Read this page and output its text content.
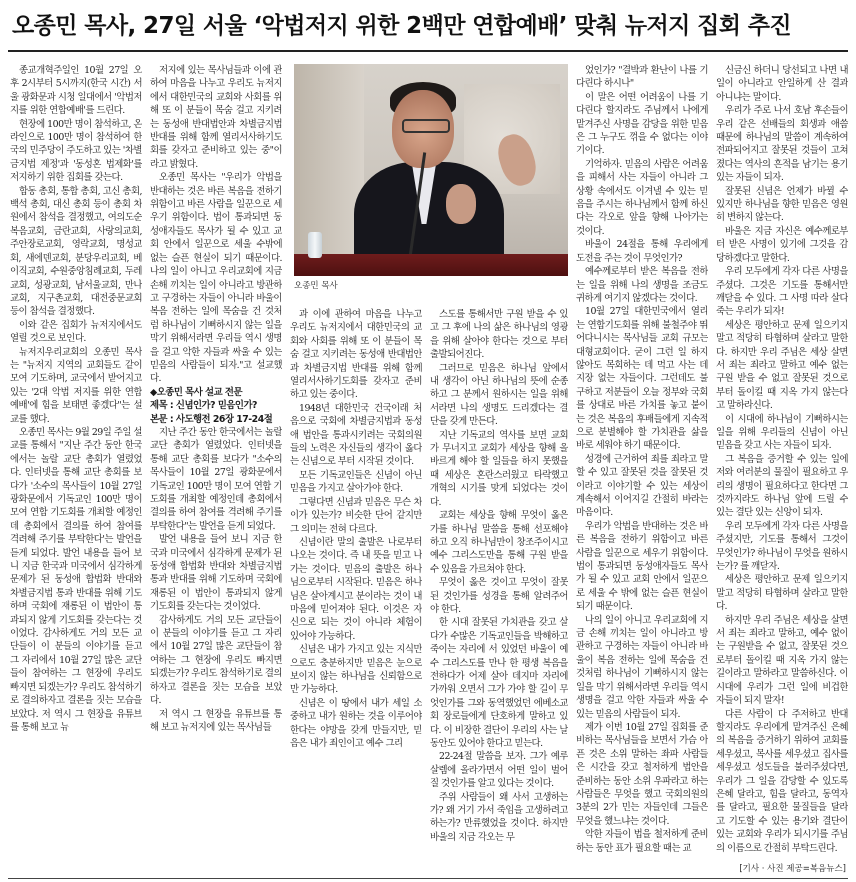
오종민 목사, 27일 서울 ‘악법저지 위한 2백만 연합예배’ 맞춰 뉴저지 집회 추진

종교개혁주일인 10월 27일 오후 2시부터 5시까지(한국 시간) 서울 광화문과 시청 일대에서 '악법저지를 위한 연합예배'를 드린다.

현장에 100만 명이 참석하고, 온라인으로 100만 명이 참석하여 한국의 민주당이 주도하고 있는 '차별금지법 제정'과 '동성혼 법제화'를 저지하기 위한 집회를 갖는다.

합동 총회, 통합 총회, 고신 총회, 백석 총회, 대신 총회 등이 총회 차원에서 참석을 결정했고, 여의도순복음교회, 금란교회, 사랑의교회, 주안장로교회, 영락교회, 명성교회, 새에덴교회, 분당우리교회, 베이직교회, 수원중앙침례교회, 두레교회, 성광교회, 남서울교회, 만나교회, 지구촌교회, 대전중문교회 등이 참석을 결정했다.

이와 같은 집회가 뉴저지에서도 열릴 것으로 보인다.

뉴저지우리교회의 오종민 목사는 "뉴저지 지역의 교회들도 같이 모여 기도하며, 교국에서 받어지고 있는 '2대 악법 저지를 위한 연합 예배'에 힘을 보태면 좋겠다"는 설교를 했다.

오종민 목사는 9월 29일 주일 설교를 통해서 "지난 주간 동안 한국에서는 놀랄 교단 총회가 열렸었다. 인터넷을 통해 교단 총회를 보다가 '소수의 목사들이 10월 27일 광화문에서 기독교인 100만 명이 모여 연합 기도회를 개최할 예정인데 총회에서 결의를 하여 참여를 격려해 주기를 부탁한다'는 발언을 듣게 되었다. 발언 내용을 들어 보니 지금 한국과 미국에서 심각하게 문제가 된 동성애 합법화 반대와 차별금지법 통과 반대를 위해 기도하며 국회에 재롱된 이 법안이 통과되지 않게 기도회를 갖는다는 것이었다. 감사하게도 거의 모든 교단들이 이 분들의 이야기를 듣고 그 자리에서 10월 27일 많은 교단들이 참여하는 그 현장에 우리도 빠지면 되겠는가? 우리도 참석하기로 결의하자고 결론을 짓는 모습을 보았다. 저 역시 그 현장을 유튜브를 통해 보고 뉴

저지에 있는 목사님들과 이에 관하여 마음을 나누고 우리도 뉴저지에서 대한민국의 교회와 사회를 위해 또 이 분들이 목숨 걸고 지키려는 동성애 반대법안과 차별금지법 반대를 위해 함께 열리서사하기도회를 갖자고 준비하고 있는 중"이라고 밝혔다.

오종민 목사는 "우리가 악법을 반대하는 것은 바른 복음을 전하기 위함이고 바른 사람을 일꾼으로 세우기 위함이다. 법이 통과되면 동성애자들도 목사가 될 수 있고 교회 안에서 일꾼으로 세울 수밖에 없는 슬픈 현실이 되기 때문이다. 나의 일이 아니고 우리교회에 지금 손해 끼치는 일이 아니라고 방관하고 구경하는 자들이 아니라 바울이 복음 전하는 일에 목숨을 건 것처럼 하나님이 기뻐하시지 않는 일을 막기 위해서라면 우리들 역시 생명을 걸고 악한 자들과 싸울 수 있는 믿음의 사람들이 되자."고 설교했다.

◆오종민 목사 설교 전문

제목 : 신념인가? 믿음인가?

본문 : 사도행전 26장 17-24절

지난 주간 동안 한국에서는 놀랄 교단 총회가 열렸었다. 인터넷을 통해 교단 총회를 보다가 "소수의 목사들이 10월 27일 광화문에서 기독교인 100만 명이 모여 연합 기도회를 개최할 예정인데 총회에서 결의를 하여 참여를 격려해 주기를 부탁한다"는 발언을 듣게 되었다.

발언 내용을 들어 보니 지금 한국과 미국에서 심각하게 문제가 된 동성애 합법화 반대와 차별금지법 통과 반대를 위해 기도하며 국회에 재롱된 이 법안이 통과되지 않게 기도회를 갖는다는 것이었다.

감사하게도 거의 모든 교단들이 이 분들의 이야기를 듣고 그 자리에서 10월 27일 많은 교단들이 참여하는 그 현장에 우리도 빠지면 되겠는가? 우리도 참석하기로 결의하자고 결론을 짓는 모습을 보았다.

저 역시 그 현장을 유튜브를 통해 보고 뉴저지에 있는 목사님들

오종민 목사

과 이에 관하여 마음을 나누고 우리도 뉴저지에서 대한민국의 교회와 사회를 위해 또 이 분들이 목숨 걸고 지키려는 동성애 반대법안과 차별금지법 반대를 위해 함께 열리서사하기도회를 갖자고 준비하고 있는 중이다.

1948년 대한민국 건국이래 처음으로 국회에 차별금지법과 동성애 법안을 통과시키려는 국회의원들의 노력은 자신들의 생각이 옳다는 신념으로 부터 시작된 것이다.

모든 기독교인들은 신념이 아닌 믿음을 가지고 살아가야 한다.

그렇다면 신념과 믿음은 무슨 차이가 있는가? 비슷한 단어 같지만 그 의미는 전혀 다르다.

신념이란 말의 출발은 나로부터 나오는 것이다. 즉 내 뜻을 믿고 나가는 것이다. 믿음의 출발은 하나님으로부터 시작된다. 믿음은 하나님은 살아계시고 분이라는 것이 내 마음에 믿어져야 된다. 이것은 자신으로 되는 것이 아니라 체험이 있어야 가능하다.

신념은 내가 가지고 있는 지식만으로도 충분하지만 믿음은 눈으로 보이지 않는 하나님을 신뢰함으로만 가능하다.

신념은 이 땅에서 내가 세일 소중하고 내가 원하는 것을 이루어야 한다는 야망을 갖게 만들지만, 믿음은 내가 죄인이고 예수 그리

스도를 통해서만 구원 받을 수 있고 그 후에 나의 삶은 하나님의 영광을 위해 살아야 한다는 것으로 부터 출발되어진다.

그러므로 믿음은 하나님 앞에서 내 생각이 아닌 하나님의 뜻에 순종하고 그 분께서 원하시는 일을 위해서라면 나의 생명도 드리겠다는 결단을 갖게 만든다.

지난 기독교의 역사를 보면 교회가 무너지고 교회가 세상을 향해 올바르게 해야 할 일들을 하지 못했을 때 세상은 혼란스러웠고 타락했고 개혁의 시기를 맞게 되었다는 것이다.

교회는 세상을 향해 무엇이 옳은가를 하나님 말씀을 통해 선포해야 하고 오직 하나님만이 창조주이시고 예수 그리스도만을 통해 구원 받을 수 있음을 가르쳐야 한다.

무엇이 옳은 것이고 무엇이 잘못된 것인가를 성경을 통해 알려주어야 한다.

한 시대 잘못된 가치관을 갖고 살다가 수많은 기독교인들을 박해하고 죽이는 자리에 서 있었던 바울이 예수 그리스도를 만나 한 평생 복음을 전하다가 어제 살아 데지마 자리에 가까워 오면서 그가 가야 할 길이 무엇인가를 그와 동역했었던 에베소교회 장로들에게 단호하게 말하고 있다. 이 비장한 결단이 우리의 사는 날 동안도 있어야 한다고 믿는다.

22-24절 말씀을 보자. 그가 예루살렘에 올라가면서 어떤 일이 벌어질 것인가를 알고 있다는 것이다.

주위 사람들이 왜 사서 고생하는가? 왜 거기 가서 죽임을 고생하려고 하는가? 만류했었을 것이다. 하지만 바울의 지금 각오는 무

었인가? "결박과 환난이 나를 기다린다 하시나"

이 말은 어떤 어려움이 나를 기다린다 할지라도 주님께서 나에게 맡겨주신 사명을 감당을 위한 믿음은 그 누구도 꺾을 수 없다는 이야기이다.

기억하자. 믿음의 사람은 어려움을 피해서 사는 자들이 아니라 그 상황 속에서도 이겨낼 수 있는 믿음을 주시는 하나님께서 함께 하신다는 각오로 앞을 향해 나아가는 것이다.

바울이 24절을 통해 우리에게 도전을 주는 것이 무엇인가?

예수께로부터 받은 복음을 전하는 일을 위해 나의 생명을 조금도 귀하게 여기지 않겠다는 것이다.

10월 27일 대한민국에서 열리는 연합기도회를 위해 불철주야 뛰어다니시는 목사님들 교회 규모는 대형교회이다. 굳이 그런 일 하지 않아도 목회하는 데 먹고 사는 데 지장 없는 자들이다. 그런데도 불구하고 저분들이 오늘 정부와 국회를 상대로 바른 가치를 놓고 붙이는 것은 복음의 후배들에게 지속적으로 분별해야 할 가치관을 삶을 바로 세워야 하기 때문이다.

성경에 근거하여 죄를 죄라고 말할 수 있고 잘못된 것을 잘못된 것이라고 이야기할 수 있는 세상이 계속해서 이어지길 간절히 바라는 마음이다.

우리가 악법을 반대하는 것은 바른 복음을 전하기 위함이고 바른 사람을 일꾼으로 세우기 위함이다. 법이 통과되면 동성애자들도 목사가 될 수 있고 교회 안에서 일꾼으로 세울 수 밖에 없는 슬픈 현실이 되기 때문이다.

나의 일이 아니고 우리교회에 지금 손해 끼치는 일이 아니라고 방관하고 구경하는 자들이 아니라 바울이 복음 전하는 일에 목숨을 건 것처럼 하나님이 기뻐하시지 않는 일을 막기 위해서라면 우리들 역시 생명을 걸고 악한 자들과 싸울 수 있는 믿음의 사람들이 되자.

제가 이번 10월 27일 집회를 준비하는 목사님들을 보면서 가슴 아픈 것은 소위 말하는 좌파 사람들은 시간을 갖고 철저하게 법안을 준비하는 동안 소위 우파라고 하는 사람들은 무엇을 했고 국회의원의 3분의 2가 민는 자들인데 그들은 무엇을 했느냐는 것이다.

악한 자들이 법을 철저하게 준비하는 동안 표가 필요할 때는 교

신금신 하더니 당선되고 나면 내 일이 아니라고 안일하게 산 결과 아니냐는 말이다.

우리가 주로 나서 호남 후손들이 우리 같은 선배들의 회생과 애씀 때문에 하나님의 말씀이 계속하여 전파되어지고 잘못된 것들이 고쳐졌다는 역사의 흔적을 남기는 용기 있는 자들이 되자.

잘못된 신념은 언제가 바뀔 수 있지만 하나님을 향한 믿음은 영원히 변하지 않는다.

바울은 지금 자신은 예수께로부터 받은 사명이 있기에 그것을 감당하겠다고 말한다.

우리 모두에게 각자 다른 사명을 주셨다. 그것은 기도를 통해서만 깨닫을 수 있다. 그 사명 따라 살다 죽는 우리가 되자!

세상은 평안하고 문제 일으키지 말고 적당히 타협하며 살라고 말한다. 하지만 우리 주님은 세상 살면서 죄는 죄라고 말하고 예수 없는 구원 받을 수 없고 잘못된 것으로부터 돌이킬 때 지옥 가지 않는다고 말하라신다.

이 시대에 하나님이 기뻐하시는 일을 위해 우리들의 신념이 아닌 믿음을 갖고 사는 자들이 되자.

그 복음을 증거할 수 있는 일에 저와 여러분의 물질이 필요하고 우리의 생명이 필요하다고 한다면 그것까지라도 하나님 앞에 드릴 수 있는 결단 있는 신앙이 되자.

우리 모두에게 각자 다른 사명을 주셨지만, 기도를 통해서 그것이 무엇인가? 하나님이 무엇을 원하시는가? 를 깨닫자.

세상은 평안하고 문제 일으키지 말고 적당히 타협하며 살라고 말한다.

하지만 우리 주님은 세상을 살면서 죄는 죄라고 말하고, 예수 없이는 구원받을 수 없고, 잘못된 것으로부터 돌이킬 때 지옥 가지 않는 길이라고 말하라고 말씀하신다. 이 시대에 우리가 그런 일에 비겁한 자들이 되지 말자!

다른 사람이 다 주저하고 반대 할지라도 우리에게 맡겨주신 은혜의 복음을 증거하기 위하여 교회를 세우셨고, 목사를 세우셨고 집사를 세우셨고 성도들을 불러주셨다면, 우리가 그 일을 감당할 수 있도록 은혜 달라고, 힘을 달라고, 동역자를 달라고, 필요한 물질들을 달라고 기도할 수 있는 용기와 결단이 있는 교회와 우리가 되시기를 주님의 이름으로 간절히 부탁드린다.

[기사 · 사진 제공=복음뉴스]
